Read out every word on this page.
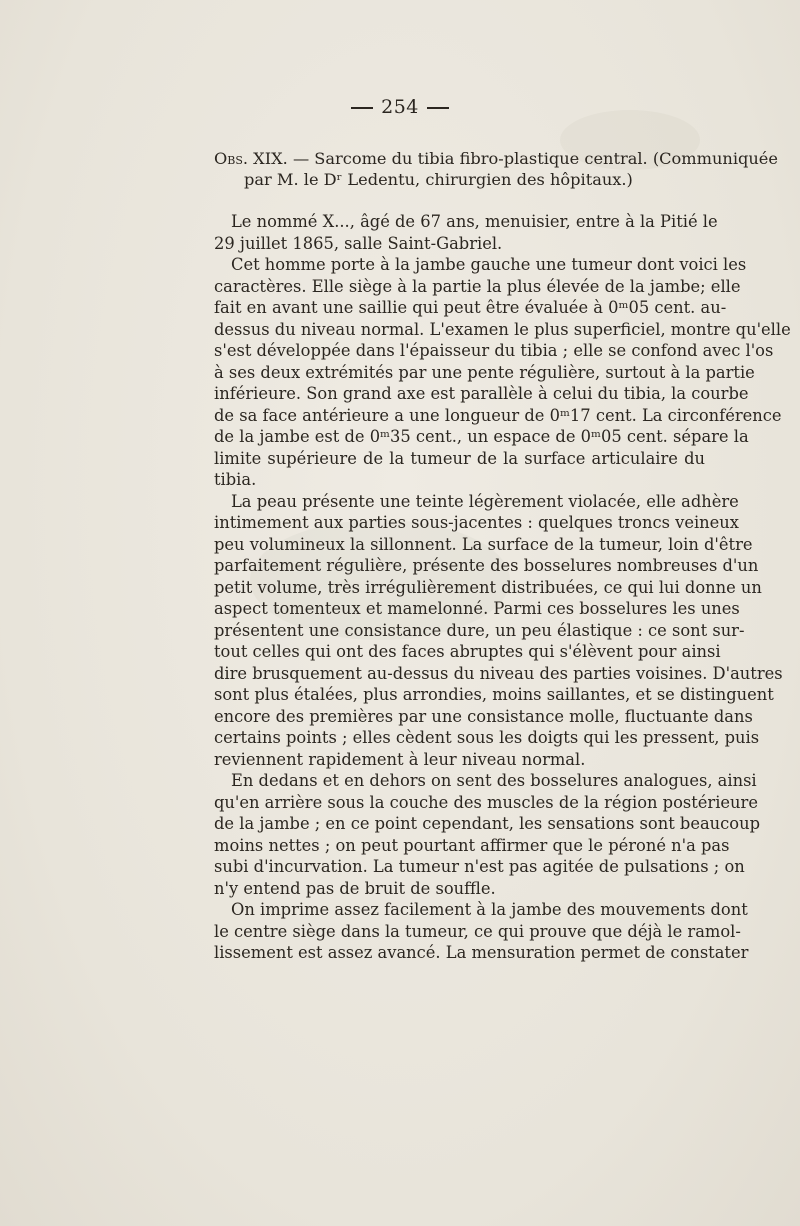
254
Obs. XIX. — Sarcome du tibia fibro-plastique central. (Communiquée
par M. le Dʳ Ledentu, chirurgien des hôpitaux.)

Le nommé X..., âgé de 67 ans, menuisier, entre à la Pitié le
29 juillet 1865, salle Saint-Gabriel.

Cet homme porte à la jambe gauche une tumeur dont voici les
caractères. Elle siège à la partie la plus élevée de la jambe; elle
fait en avant une saillie qui peut être évaluée à 0ᵐ05 cent. au-
dessus du niveau normal. L'examen le plus superficiel, montre qu'elle
s'est développée dans l'épaisseur du tibia ; elle se confond avec l'os
à ses deux extrémités par une pente régulière, surtout à la partie
inférieure. Son grand axe est parallèle à celui du tibia, la courbe
de sa face antérieure a une longueur de 0ᵐ17 cent. La circonférence
de la jambe est de 0ᵐ35 cent., un espace de 0ᵐ05 cent. sépare la
limite supérieure de la tumeur de la surface articulaire du
tibia.

La peau présente une teinte légèrement violacée, elle adhère
intimement aux parties sous-jacentes : quelques troncs veineux
peu volumineux la sillonnent. La surface de la tumeur, loin d'être
parfaitement régulière, présente des bosselures nombreuses d'un
petit volume, très irrégulièrement distribuées, ce qui lui donne un
aspect tomenteux et mamelonné. Parmi ces bosselures les unes
présentent une consistance dure, un peu élastique : ce sont sur-
tout celles qui ont des faces abruptes qui s'élèvent pour ainsi
dire brusquement au-dessus du niveau des parties voisines. D'autres
sont plus étalées, plus arrondies, moins saillantes, et se distinguent
encore des premières par une consistance molle, fluctuante dans
certains points ; elles cèdent sous les doigts qui les pressent, puis
reviennent rapidement à leur niveau normal.

En dedans et en dehors on sent des bosselures analogues, ainsi
qu'en arrière sous la couche des muscles de la région postérieure
de la jambe ; en ce point cependant, les sensations sont beaucoup
moins nettes ; on peut pourtant affirmer que le péroné n'a pas
subi d'incurvation. La tumeur n'est pas agitée de pulsations ; on
n'y entend pas de bruit de souffle.

On imprime assez facilement à la jambe des mouvements dont
le centre siège dans la tumeur, ce qui prouve que déjà le ramol-
lissement est assez avancé. La mensuration permet de constater
